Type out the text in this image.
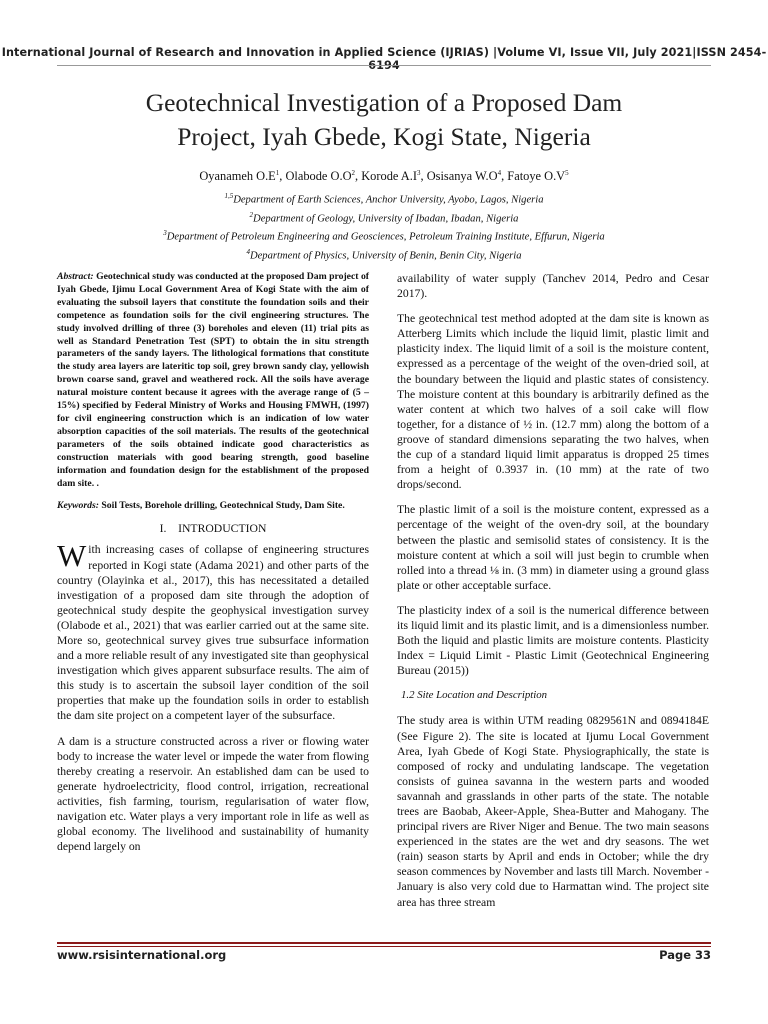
International Journal of Research and Innovation in Applied Science (IJRIAS) |Volume VI, Issue VII, July 2021|ISSN 2454-6194
Geotechnical Investigation of a Proposed Dam
Project, Iyah Gbede, Kogi State, Nigeria
Oyanameh $O.E^1$, Olabode $O.O^2$, Korode $A.I^3$, Osisanya $W.O^4$, Fatoye $O.V^5$
$^{1,5}$Department of Earth Sciences, Anchor University, Ayobo, Lagos, Nigeria
$^2$Department of Geology, University of Ibadan, Ibadan, Nigeria
$^3$Department of Petroleum Engineering and Geosciences, Petroleum Training Institute, Effurun, Nigeria
$^4$Department of Physics, University of Benin, Benin City, Nigeria
Abstract: Geotechnical study was conducted at the proposed Dam project of Iyah Gbede, Ijimu Local Government Area of Kogi State with the aim of evaluating the subsoil layers that constitute the foundation soils and their competence as foundation soils for the civil engineering structures. The study involved drilling of three (3) boreholes and eleven (11) trial pits as well as Standard Penetration Test (SPT) to obtain the in situ strength parameters of the sandy layers. The lithological formations that constitute the study area layers are lateritic top soil, grey brown sandy clay, yellowish brown coarse sand, gravel and weathered rock. All the soils have average natural moisture content because it agrees with the average range of (5 – 15%) specified by Federal Ministry of Works and Housing FMWH, (1997) for civil engineering construction which is an indication of low water absorption capacities of the soil materials. The results of the geotechnical parameters of the soils obtained indicate good characteristics as construction materials with good bearing strength, good baseline information and foundation design for the establishment of the proposed dam site. .
Keywords: Soil Tests, Borehole drilling, Geotechnical Study, Dam Site.
I.    INTRODUCTION

With increasing cases of collapse of engineering structures reported in Kogi state (Adama 2021) and other parts of the country (Olayinka et al., 2017), this has necessitated a detailed investigation of a proposed dam site through the adoption of geotechnical study despite the geophysical investigation survey (Olabode et al., 2021) that was earlier carried out at the same site. More so, geotechnical survey gives true subsurface information and a more reliable result of any investigated site than geophysical investigation which gives apparent subsurface results. The aim of this study is to ascertain the subsoil layer condition of the soil properties that make up the foundation soils in order to establish the dam site project on a competent layer of the subsurface.

A dam is a structure constructed across a river or flowing water body to increase the water level or impede the water from flowing thereby creating a reservoir. An established dam can be used to generate hydroelectricity, flood control, irrigation, recreational activities, fish farming, tourism, regularisation of water flow, navigation etc. Water plays a very important role in life as well as global economy. The livelihood and sustainability of humanity depend largely on

availability of water supply (Tanchev 2014, Pedro and Cesar 2017).

The geotechnical test method adopted at the dam site is known as Atterberg Limits which include the liquid limit, plastic limit and plasticity index. The liquid limit of a soil is the moisture content, expressed as a percentage of the weight of the oven-dried soil, at the boundary between the liquid and plastic states of consistency. The moisture content at this boundary is arbitrarily defined as the water content at which two halves of a soil cake will flow together, for a distance of ½ in. (12.7 mm) along the bottom of a groove of standard dimensions separating the two halves, when the cup of a standard liquid limit apparatus is dropped 25 times from a height of 0.3937 in. (10 mm) at the rate of two drops/second.

The plastic limit of a soil is the moisture content, expressed as a percentage of the weight of the oven-dry soil, at the boundary between the plastic and semisolid states of consistency. It is the moisture content at which a soil will just begin to crumble when rolled into a thread ⅛ in. (3 mm) in diameter using a ground glass plate or other acceptable surface.

The plasticity index of a soil is the numerical difference between its liquid limit and its plastic limit, and is a dimensionless number. Both the liquid and plastic limits are moisture contents. Plasticity Index = Liquid Limit - Plastic Limit (Geotechnical Engineering Bureau (2015))

1.2 Site Location and Description

The study area is within UTM reading 0829561N and 0894184E (See Figure 2). The site is located at Ijumu Local Government Area, Iyah Gbede of Kogi State. Physiographically, the state is composed of rocky and undulating landscape. The vegetation consists of guinea savanna in the western parts and wooded savannah and grasslands in other parts of the state. The notable trees are Baobab, Akeer-Apple, Shea-Butter and Mahogany. The principal rivers are River Niger and Benue. The two main seasons experienced in the states are the wet and dry seasons. The wet (rain) season starts by April and ends in October; while the dry season commences by November and lasts till March. November - January is also very cold due to Harmattan wind. The project site area has three stream

www.rsisinternational.org	Page 33
